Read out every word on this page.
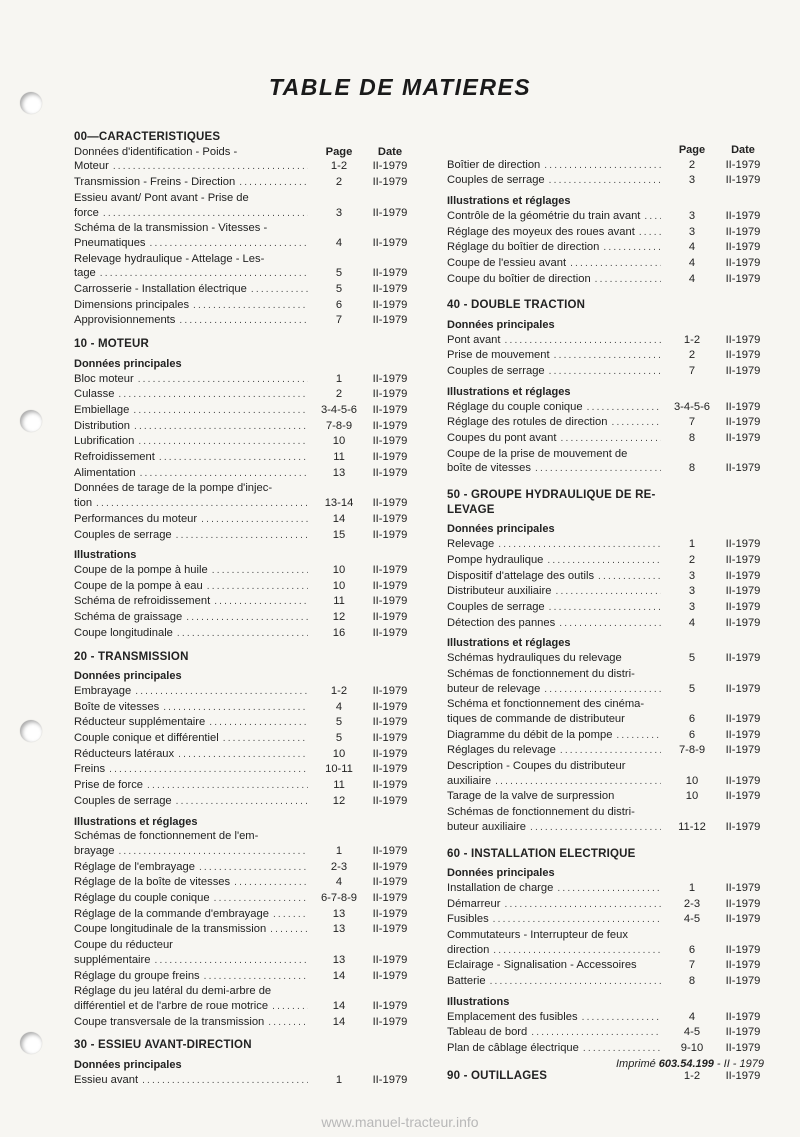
TABLE DE MATIERES
00—CARACTERISTIQUES
Données d'identification - Poids -	Page	Date
Moteur .....	1-2	II-1979
Transmission - Freins - Direction .....	2	II-1979
Essieu avant/ Pont avant - Prise de
force .....	3	II-1979
Schéma de la transmission - Vitesses -
Pneumatiques .....	4	II-1979
Relevage hydraulique - Attelage - Les-
tage .....	5	II-1979
Carrosserie - Installation électrique .....	5	II-1979
Dimensions principales .....	6	II-1979
Approvisionnements .....	7	II-1979
10 - MOTEUR
Données principales
Bloc moteur .....	1	II-1979
Culasse .....	2	II-1979
Embiellage .....	3-4-5-6	II-1979
Distribution .....	7-8-9	II-1979
Lubrification .....	10	II-1979
Refroidissement .....	11	II-1979
Alimentation .....	13	II-1979
Données de tarage de la pompe d'injec-
tion .....	13-14	II-1979
Performances du moteur .....	14	II-1979
Couples de serrage .....	15	II-1979
Illustrations
Coupe de la pompe à huile .....	10	II-1979
Coupe de la pompe à eau .....	10	II-1979
Schéma de refroidissement .....	11	II-1979
Schéma de graissage .....	12	II-1979
Coupe longitudinale .....	16	II-1979
20 - TRANSMISSION
Données principales
Embrayage .....	1-2	II-1979
Boîte de vitesses .....	4	II-1979
Réducteur supplémentaire .....	5	II-1979
Couple conique et différentiel .....	5	II-1979
Réducteurs latéraux .....	10	II-1979
Freins .....	10-11	II-1979
Prise de force .....	11	II-1979
Couples de serrage .....	12	II-1979
Illustrations et réglages
Schémas de fonctionnement de l'em-
brayage .....	1	II-1979
Réglage de l'embrayage .....	2-3	II-1979
Réglage de la boîte de vitesses .....	4	II-1979
Réglage du couple conique .....	6-7-8-9	II-1979
Réglage de la commande d'embrayage .....	13	II-1979
Coupe longitudinale de la transmission .....	13	II-1979
Coupe du réducteur
supplémentaire .....	13	II-1979
Réglage du groupe freins .....	14	II-1979
Réglage du jeu latéral du demi-arbre de
différentiel et de l'arbre de roue motrice .....	14	II-1979
Coupe transversale de la transmission .....	14	II-1979
30 - ESSIEU AVANT-DIRECTION
Données principales
Essieu avant .....	1	II-1979
Page	Date
Boîtier de direction .....	2	II-1979
Couples de serrage .....	3	II-1979
Illustrations et réglages
Contrôle de la géométrie du train avant .....	3	II-1979
Réglage des moyeux des roues avant .....	3	II-1979
Réglage du boîtier de direction .....	4	II-1979
Coupe de l'essieu avant .....	4	II-1979
Coupe du boîtier de direction .....	4	II-1979
40 - DOUBLE TRACTION
Données principales
Pont avant .....	1-2	II-1979
Prise de mouvement .....	2	II-1979
Couples de serrage .....	7	II-1979
Illustrations et réglages
Réglage du couple conique .....	3-4-5-6	II-1979
Réglage des rotules de direction .....	7	II-1979
Coupes du pont avant .....	8	II-1979
Coupe de la prise de mouvement de
boîte de vitesses .....	8	II-1979
50 - GROUPE HYDRAULIQUE DE RE-
LEVAGE
Données principales
Relevage .....	1	II-1979
Pompe hydraulique .....	2	II-1979
Dispositif d'attelage des outils .....	3	II-1979
Distributeur auxiliaire .....	3	II-1979
Couples de serrage .....	3	II-1979
Détection des pannes .....	4	II-1979
Illustrations et réglages
Schémas hydrauliques du relevage	5	II-1979
Schémas de fonctionnement du distri-
buteur de relevage .....	5	II-1979
Schéma et fonctionnement des cinéma-
tiques de commande de distributeur	6	II-1979
Diagramme du débit de la pompe .....	6	II-1979
Réglages du relevage .....	7-8-9	II-1979
Description - Coupes du distributeur
auxiliaire .....	10	II-1979
Tarage de la valve de surpression	10	II-1979
Schémas de fonctionnement du distri-
buteur auxiliaire .....	11-12	II-1979
60 - INSTALLATION ELECTRIQUE
Données principales
Installation de charge .....	1	II-1979
Démarreur .....	2-3	II-1979
Fusibles .....	4-5	II-1979
Commutateurs - Interrupteur de feux
direction .....	6	II-1979
Eclairage - Signalisation - Accessoires	7	II-1979
Batterie .....	8	II-1979
Illustrations
Emplacement des fusibles .....	4	II-1979
Tableau de bord .....	4-5	II-1979
Plan de câblage électrique .....	9-10	II-1979
90 - OUTILLAGES	1-2	II-1979
Imprimé 603.54.199 - II - 1979
www.manuel-tracteur.info
